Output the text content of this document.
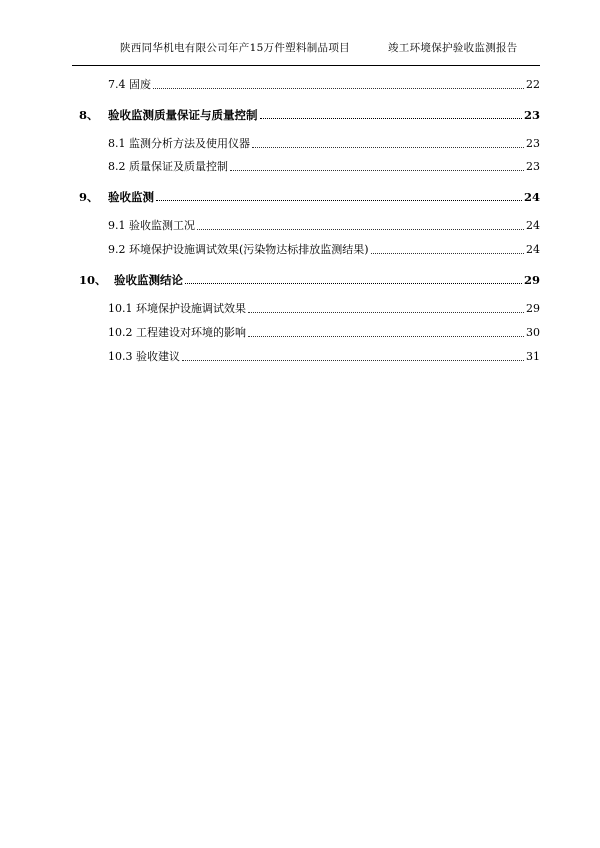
陕西同华机电有限公司年产15万件塑料制品项目	竣工环境保护验收监测报告
7.4 固废	22
8、 验收监测质量保证与质量控制	23
8.1 监测分析方法及使用仪器	23
8.2 质量保证及质量控制	23
9、 验收监测	24
9.1 验收监测工况	24
9.2 环境保护设施调试效果(污染物达标排放监测结果)	24
10、 验收监测结论	29
10.1 环境保护设施调试效果	29
10.2 工程建设对环境的影响	30
10.3 验收建议	31
